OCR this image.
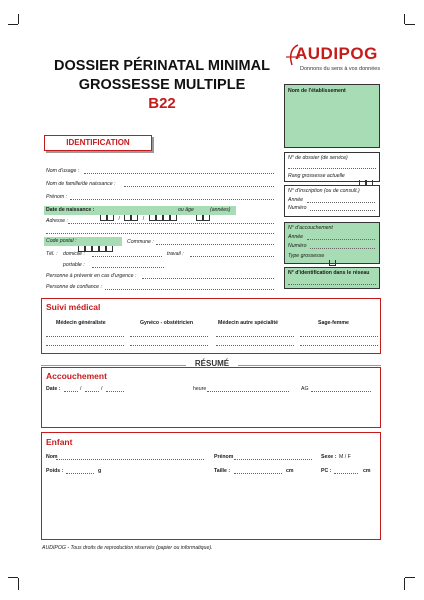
DOSSIER PÉRINATAL MINIMAL
GROSSESSE MULTIPLE
B22
AUDIPOG
Donnons du sens à vos données
Nom de l'établissement
IDENTIFICATION
Nom d'usage :
Nom de famille/de naissance :
Prénom :
Date de naissance :
/	/
ou âge	(années)
Adresse :
Code postal :	Commune :
Tél. : domicile :	travail :
portable :
Personne à prévenir en cas d'urgence :
Personne de confiance :
N° de dossier (de service)
Rang grossesse actuelle
N° d'inscription (ou de consult.)
Année
Numéro
N° d'accouchement
Année
Numéro
Type grossesse
N° d'identification dans le réseau
Suivi médical
Médecin généraliste	Gynéco - obstétricien	Médecin autre spécialité	Sage-femme
RÉSUMÉ
Accouchement
Date :	/	/	heure	AG
Enfant
Nom	Prénom	Sexe : M / F
Poids :	g	Taille :	cm	PC :	cm
AUDIPOG - Tous droits de reproduction réservés (papier ou informatique).
